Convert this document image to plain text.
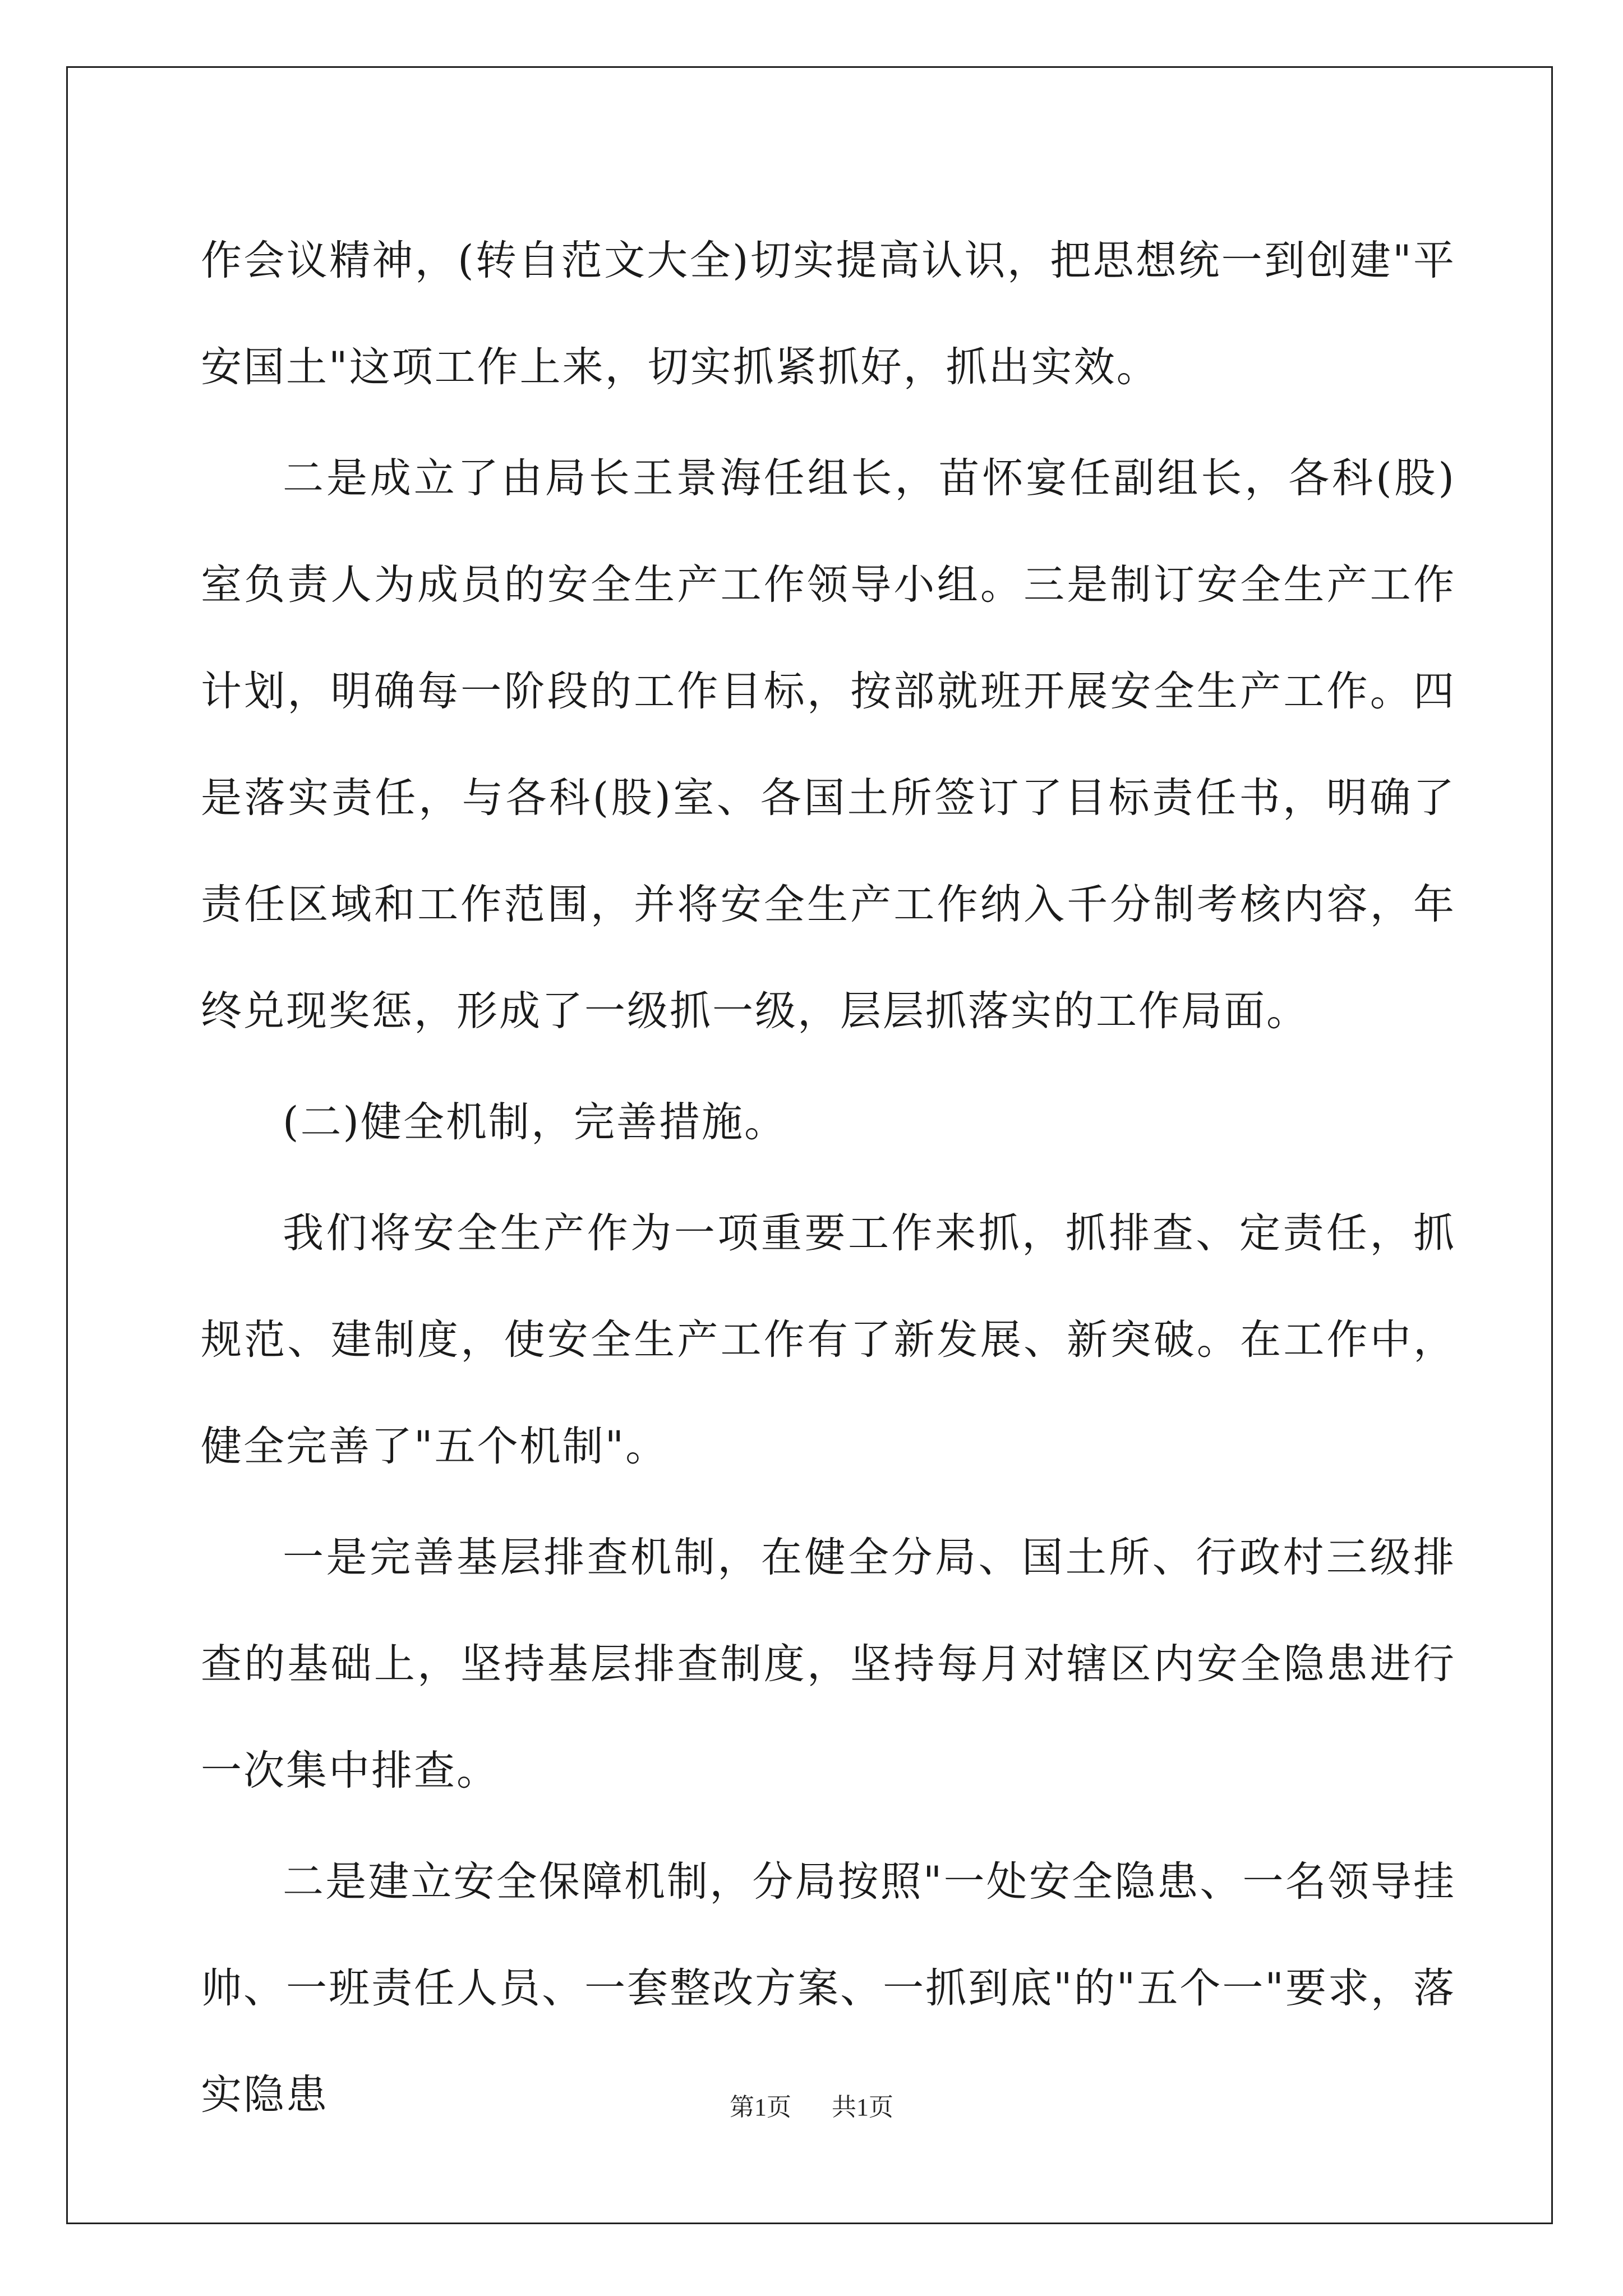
作会议精神，(转自范文大全)切实提高认识，把思想统一到创建"平安国土"这项工作上来，切实抓紧抓好，抓出实效。

二是成立了由局长王景海任组长，苗怀宴任副组长，各科(股)室负责人为成员的安全生产工作领导小组。三是制订安全生产工作计划，明确每一阶段的工作目标，按部就班开展安全生产工作。四是落实责任，与各科(股)室、各国土所签订了目标责任书，明确了责任区域和工作范围，并将安全生产工作纳入千分制考核内容，年终兑现奖惩，形成了一级抓一级，层层抓落实的工作局面。

(二)健全机制，完善措施。

我们将安全生产作为一项重要工作来抓，抓排查、定责任，抓规范、建制度，使安全生产工作有了新发展、新突破。在工作中，健全完善了"五个机制"。

一是完善基层排查机制，在健全分局、国土所、行政村三级排查的基础上，坚持基层排查制度，坚持每月对辖区内安全隐患进行一次集中排查。

二是建立安全保障机制，分局按照"一处安全隐患、一名领导挂帅、一班责任人员、一套整改方案、一抓到底"的"五个一"要求，落实隐患	第1页 共1页
